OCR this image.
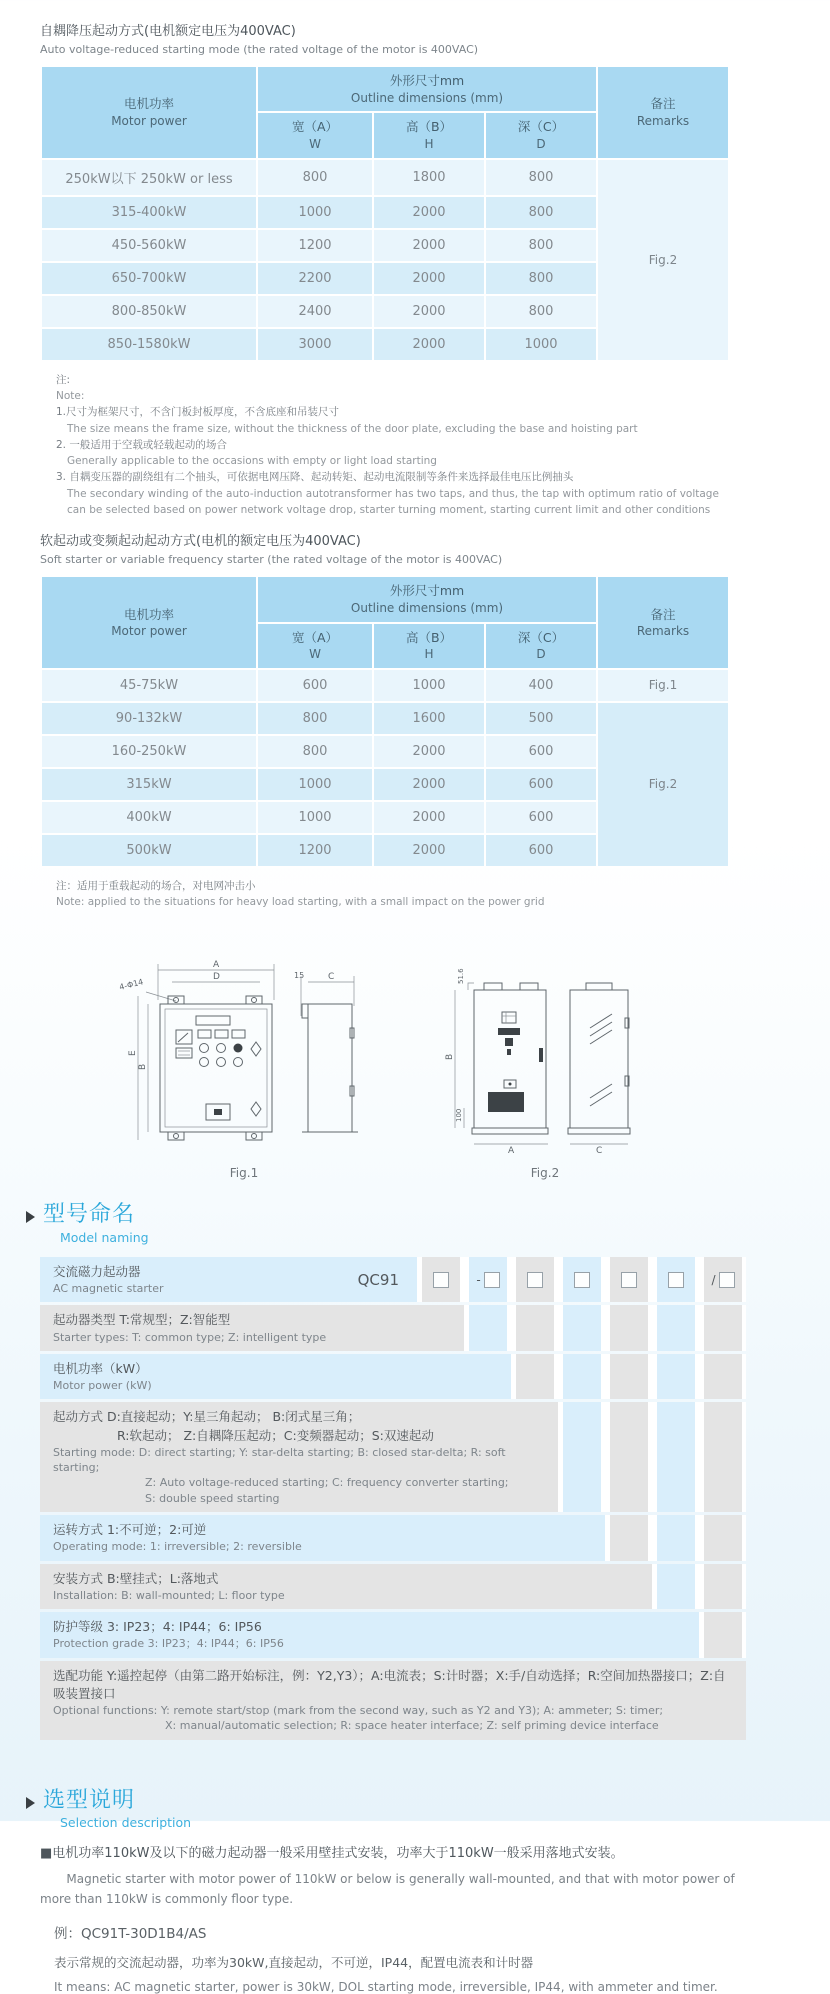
自耦降压起动方式(电机额定电压为400VAC)

Auto voltage-reduced starting mode (the rated voltage of the motor is 400VAC)

电机功率
Motor power	外形尺寸mm
Outline dimensions (mm)			备注
Remarks

	宽（A）
W	高（B）
H	深（C）
D	

250kW以下 250kW or less	800	1800	800	Fig.2
315-400kW	1000	2000	800	
450-560kW	1200	2000	800	
650-700kW	2200	2000	800	
800-850kW	2400	2000	800	
850-1580kW	3000	2000	1000	
注:
Note:
1.尺寸为框架尺寸，不含门板封板厚度，不含底座和吊装尺寸
The size means the frame size, without the thickness of the door plate, excluding the base and hoisting part
2. 一般适用于空载或轻载起动的场合
Generally applicable to the occasions with empty or light load starting
3. 自耦变压器的副绕组有二个抽头，可依据电网压降、起动转矩、起动电流限制等条件来选择最佳电压比例抽头
The secondary winding of the auto-induction autotransformer has two taps, and thus, the tap with optimum ratio of voltage can be selected based on power network voltage drop, starter turning moment, starting current limit and other conditions

软起动或变频起动起动方式(电机的额定电压为400VAC)

Soft starter or variable frequency starter (the rated voltage of the motor is 400VAC)

电机功率
Motor power	外形尺寸mm
Outline dimensions (mm)			备注
Remarks

	宽（A）
W	高（B）
H	深（C）
D	

45-75kW	600	1000	400	Fig.1
90-132kW	800	1600	500	Fig.2
160-250kW	800	2000	600	
315kW	1000	2000	600	
400kW	1000	2000	600	
500kW	1200	2000	600	
注：适用于重载起动的场合，对电网冲击小
Note: applied to the situations for heavy load starting, with a small impact on the power grid
A
D
4-Φ14
B
E
15	C
Fig.1
51.6
100
B
A	C
Fig.2
型号命名
Model naming
交流磁力起动器
AC magnetic starter	QC91	-	/
起动器类型 T:常规型；Z:智能型
Starter types: T: common type; Z: intelligent type
电机功率（kW）
Motor power (kW)
起动方式 D:直接起动；Y:星三角起动； B:闭式星三角；
R:软起动； Z:自耦降压起动；C:变频器起动；S:双速起动
Starting mode: D: direct starting; Y: star-delta starting; B: closed star-delta; R: soft starting;
Z: Auto voltage-reduced starting; C: frequency converter starting;
S: double speed starting
运转方式 1:不可逆；2:可逆
Operating mode: 1: irreversible; 2: reversible
安装方式 B:壁挂式；L:落地式
Installation: B: wall-mounted; L: floor type
防护等级 3: IP23；4: IP44；6: IP56
Protection grade 3: IP23；4: IP44；6: IP56
选配功能 Y:遥控起停（由第二路开始标注，例：Y2,Y3）；A:电流表；S:计时器；X:手/自动选择；R:空间加热器接口；Z:自吸装置接口
Optional functions: Y: remote start/stop (mark from the second way, such as Y2 and Y3); A: ammeter; S: timer;
X: manual/automatic selection; R: space heater interface; Z: self priming device interface
选型说明
Selection description

■电机功率110kW及以下的磁力起动器一般采用壁挂式安装，功率大于110kW一般采用落地式安装。

Magnetic starter with motor power of 110kW or below is generally wall-mounted, and that with motor power of more than 110kW is commonly floor type.

例：QC91T-30D1B4/AS

表示常规的交流起动器，功率为30kW,直接起动，不可逆，IP44，配置电流表和计时器

It means: AC magnetic starter, power is 30kW, DOL starting mode, irreversible, IP44, with ammeter and timer.
